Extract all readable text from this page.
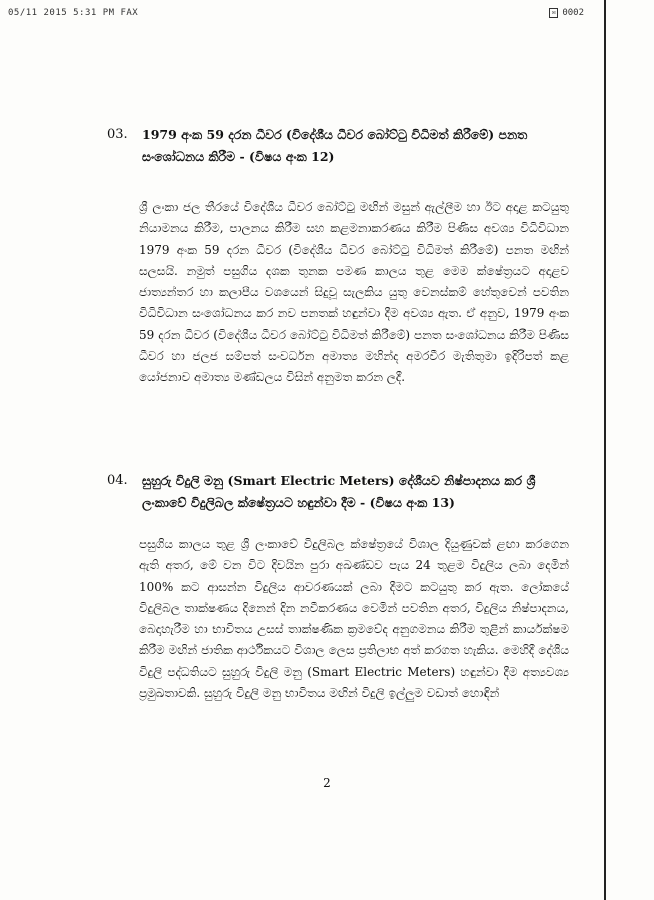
05/11 2015 5:31 PM FAX	✉ 0002
03. 1979 අංක 59 දරන ධීවර (විදේශීය ධීවර බෝට්ටු විධිමත් කිරීමේ) පනත සංශෝධනය කිරීම - (විෂය අංක 12)
ශ්‍රී ලංකා ජල තීරයේ විදේශීය ධීවර බෝට්ටු මඟින් මසුන් ඇල්ලීම හා ඊට අදාළ කටයුතු නියාමනය කිරීම, පාලනය කිරීම සහ කළමනාකරණය කිරීම පිණිස අවශ්‍ය විධිවිධාන 1979 අංක 59 දරන ධීවර (විදේශීය ධීවර බෝට්ටු විධිමත් කිරීමේ) පනත මඟින් සලසයි. නමුත් පසුගිය දශක තුනක පමණ කාලය තුළ මෙම ක්ෂේත්‍රයට අදාළව ජාත්‍යන්තර හා කලාපීය වශයෙන් සිදුවූ සැලකිය යුතු වෙනස්කම් හේතුවෙන් පවතින විධිවිධාන සංශෝධනය කර නව පනතක් හඳුන්වා දීම අවශ්‍ය ඇත. ඒ අනුව, 1979 අංක 59 දරන ධීවර (විදේශීය ධීවර බෝට්ටු විධිමත් කිරීමේ) පනත සංශෝධනය කිරීම පිණිස ධීවර හා ජලජ සම්පත් සංවර්ධන අමාත්‍ය මහින්ද අමරවීර මැතිතුමා ඉදිරිපත් කළ යෝජනාව අමාත්‍ය මණ්ඩලය විසින් අනුමත කරන ලදී.
04. සුහුරු විදුලි මනු (Smart Electric Meters) දේශීයව නිෂ්පාදනය කර ශ්‍රී ලංකාවේ විදුලිබල ක්ෂේත්‍රයට හඳුන්වා දීම - (විෂය අංක 13)
පසුගිය කාලය තුළ ශ්‍රී ලංකාවේ විදුලිබල ක්ෂේත්‍රයේ විශාල දියුණුවක් ළඟා කරගෙන ඇති අතර, මේ වන විට දිවයින පුරා අඛණ්ඩව පැය 24 තුළම විදුලිය ලබා දෙමින් 100% කට ආසන්න විදුලිය ආවරණයක් ලබා දීමට කටයුතු කර ඇත. ලෝකයේ විදුලිබල තාක්ෂණය දිනෙන් දින නවීකරණය වෙමින් පවතින අතර, විදුලිය නිෂ්පාදනය, බෙදාහැරීම හා භාවිතය උසස් තාක්ෂණික ක්‍රමවේද අනුගමනය කිරීම තුළින් කාර්යක්ෂම කිරීම මඟින් ජාතික ආර්ථිකයට විශාල ලෙස ප්‍රතිලාභ අත් කරගත හැකිය. මෙහිදී දේශීය විදුලි පද්ධතියට සුහුරු විදුලි මනු (Smart Electric Meters) හඳුන්වා දීම අත්‍යවශ්‍ය ප්‍රමුඛතාවකි. සුහුරු විදුලි මනු භාවිතය මඟින් විදුලි ඉල්ලුම වඩාත් හොඳින්
2
